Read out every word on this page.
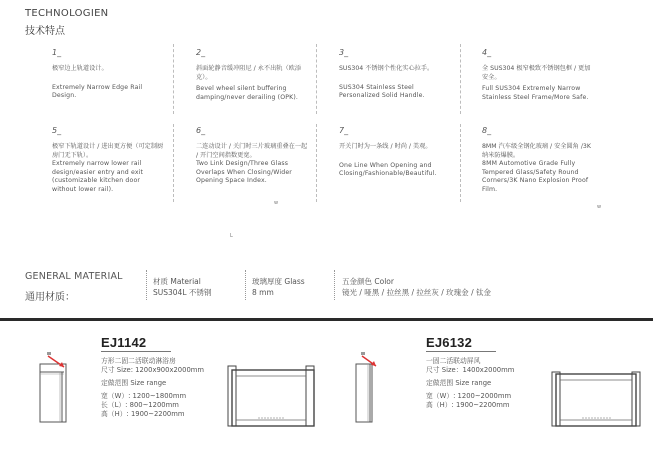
TECHNOLOGIEN
技术特点
1_
极窄边上轨道设计。
Extremely Narrow Edge Rail Design.
2_
斜面轮静音缓冲阻尼 / 永不出轨（欧添克）。
Bevel wheel silent buffering damping/never derailing (OPK).
3_
SUS304 不锈钢个性化实心拉手。
SUS304 Stainless Steel Personalized Solid Handle.
4_
全 SUS304 极窄极致不锈钢包框 / 更加安全。
Full SUS304 Extremely Narrow Stainless Steel Frame/More Safe.
5_
极窄下轨道设计 / 进出更方便（可定制厨房门无下轨）。
Extremely narrow lower rail design/easier entry and exit (customizable kitchen door without lower rail).
6_
二连动设计 / 关门时三片玻璃重叠在一起 / 开门空间指数更宽。
Two Link Design/Three Glass Overlaps When Closing/Wider Opening Space Index.
7_
开关门时为一条线 / 时尚 / 美观。
One Line When Opening and Closing/Fashionable/Beautiful.
8_
8MM 汽车级全钢化玻璃 / 安全圆角 /3K 纳米防爆膜。
8MM Automotive Grade Fully Tempered Glass/Safety Round Corners/3K Nano Explosion Proof Film.
w
w
L
GENERAL MATERIAL
通用材质：
材质 Material
SUS304L 不锈钢
玻璃厚度 Glass
8 mm
五金颜色 Color
镜光 / 哑黑 / 拉丝黑 / 拉丝灰 / 玫瑰金 / 钛金
EJ1142
方形二固二活联动淋浴房
尺寸 Size: 1200x900x2000mm
定做范围 Size range
宽（W）: 1200~1800mm
长（L）: 800~1200mm
高（H）: 1900~2200mm
EJ6132
一固二活联动屏风
尺寸 Size：1400x2000mm
定做范围 Size range
宽（W）: 1200~2000mm
高（H）: 1900~2200mm
